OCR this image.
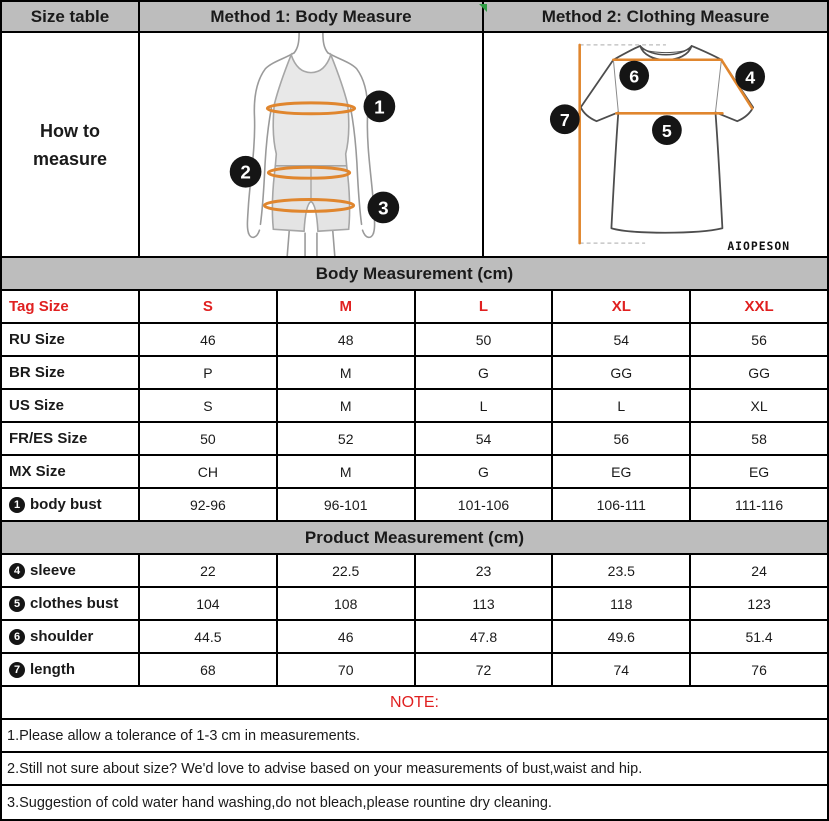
Size table	Method 1: Body Measure	Method 2: Clothing Measure
How to
measure
1
2
3
7
6	4
5
AIOPESON
Body Measurement (cm)
Tag Size	S	M	L	XL	XXL
RU Size	46	48	50	54	56
BR Size	P	M	G	GG	GG
US Size	S	M	L	L	XL
FR/ES Size	50	52	54	56	58
MX Size	CH	M	G	EG	EG
1 body bust	92-96	96-101	101-106	106-111	111-116
Product Measurement (cm)
4 sleeve	22	22.5	23	23.5	24
5 clothes bust	104	108	113	118	123
6 shoulder	44.5	46	47.8	49.6	51.4
7 length	68	70	72	74	76
NOTE:
1.Please allow a tolerance of 1-3 cm in measurements.
2.Still not sure about size? We'd love to advise based on your measurements of bust,waist and hip.
3.Suggestion of cold water hand washing,do not bleach,please rountine dry cleaning.
